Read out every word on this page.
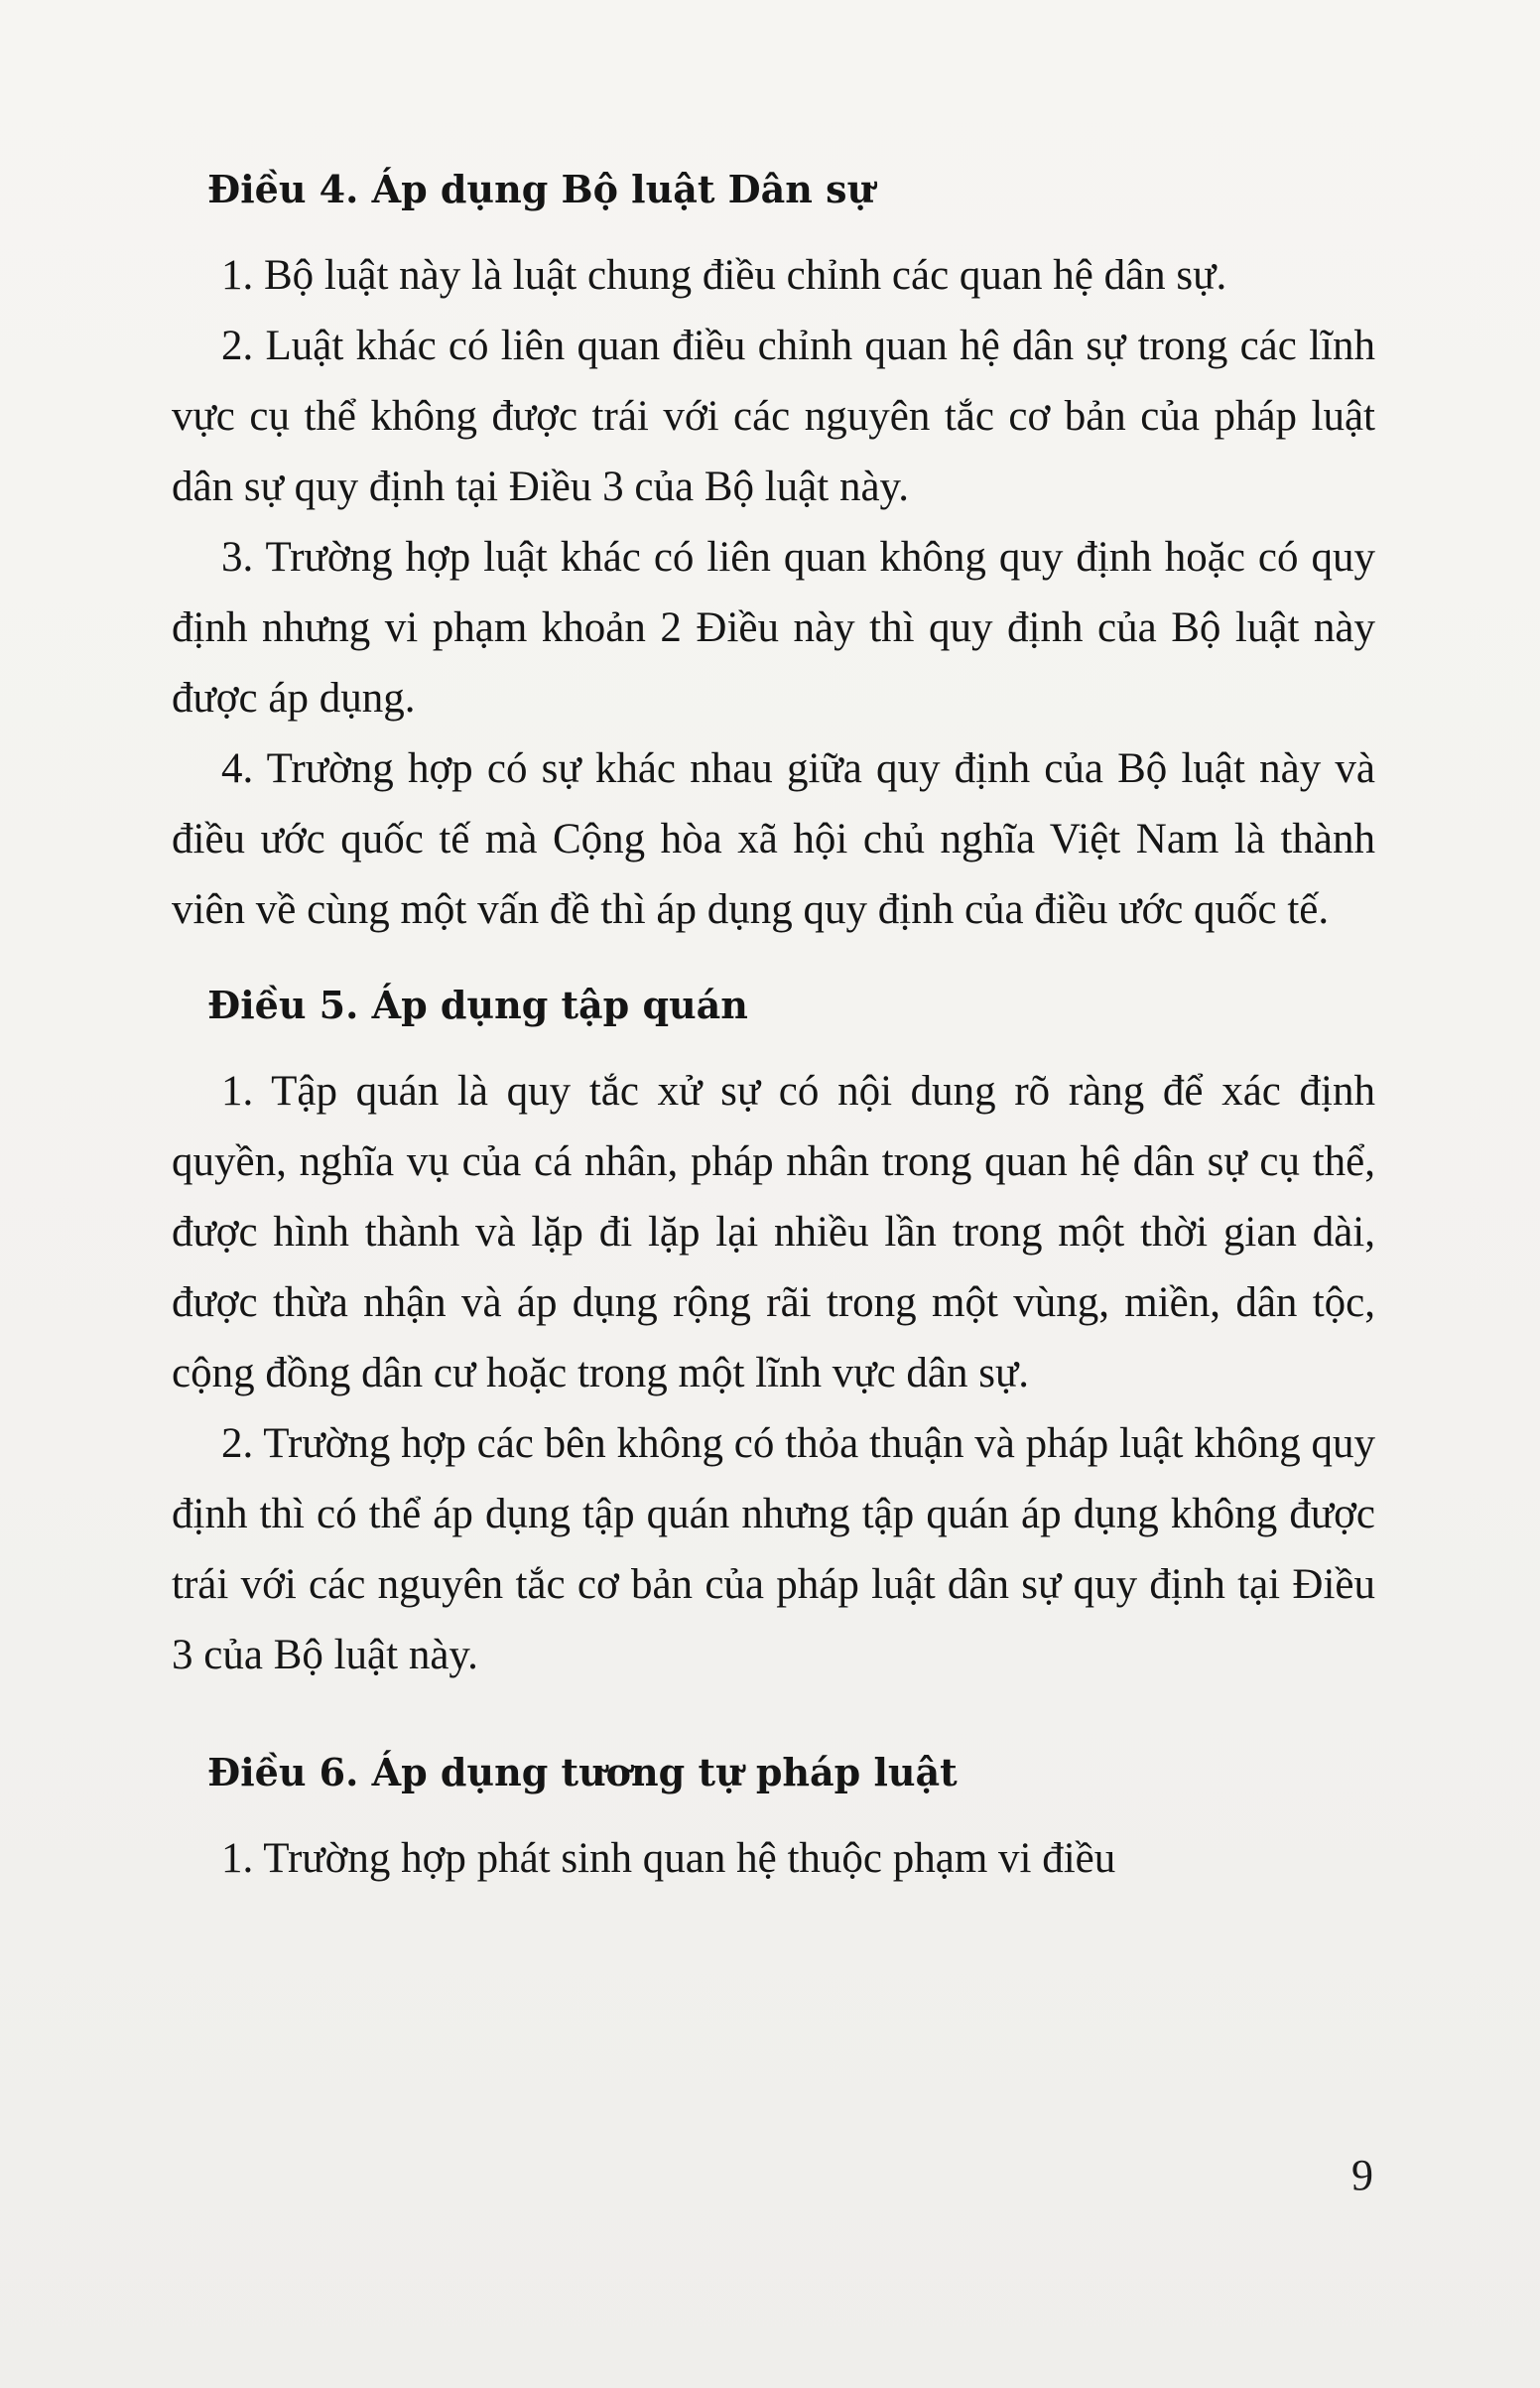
Điều 4. Áp dụng Bộ luật Dân sự

1. Bộ luật này là luật chung điều chỉnh các quan hệ dân sự.

2. Luật khác có liên quan điều chỉnh quan hệ dân sự trong các lĩnh vực cụ thể không được trái với các nguyên tắc cơ bản của pháp luật dân sự quy định tại Điều 3 của Bộ luật này.

3. Trường hợp luật khác có liên quan không quy định hoặc có quy định nhưng vi phạm khoản 2 Điều này thì quy định của Bộ luật này được áp dụng.

4. Trường hợp có sự khác nhau giữa quy định của Bộ luật này và điều ước quốc tế mà Cộng hòa xã hội chủ nghĩa Việt Nam là thành viên về cùng một vấn đề thì áp dụng quy định của điều ước quốc tế.

Điều 5. Áp dụng tập quán

1. Tập quán là quy tắc xử sự có nội dung rõ ràng để xác định quyền, nghĩa vụ của cá nhân, pháp nhân trong quan hệ dân sự cụ thể, được hình thành và lặp đi lặp lại nhiều lần trong một thời gian dài, được thừa nhận và áp dụng rộng rãi trong một vùng, miền, dân tộc, cộng đồng dân cư hoặc trong một lĩnh vực dân sự.

2. Trường hợp các bên không có thỏa thuận và pháp luật không quy định thì có thể áp dụng tập quán nhưng tập quán áp dụng không được trái với các nguyên tắc cơ bản của pháp luật dân sự quy định tại Điều 3 của Bộ luật này.

Điều 6. Áp dụng tương tự pháp luật

1. Trường hợp phát sinh quan hệ thuộc phạm vi điều

9
